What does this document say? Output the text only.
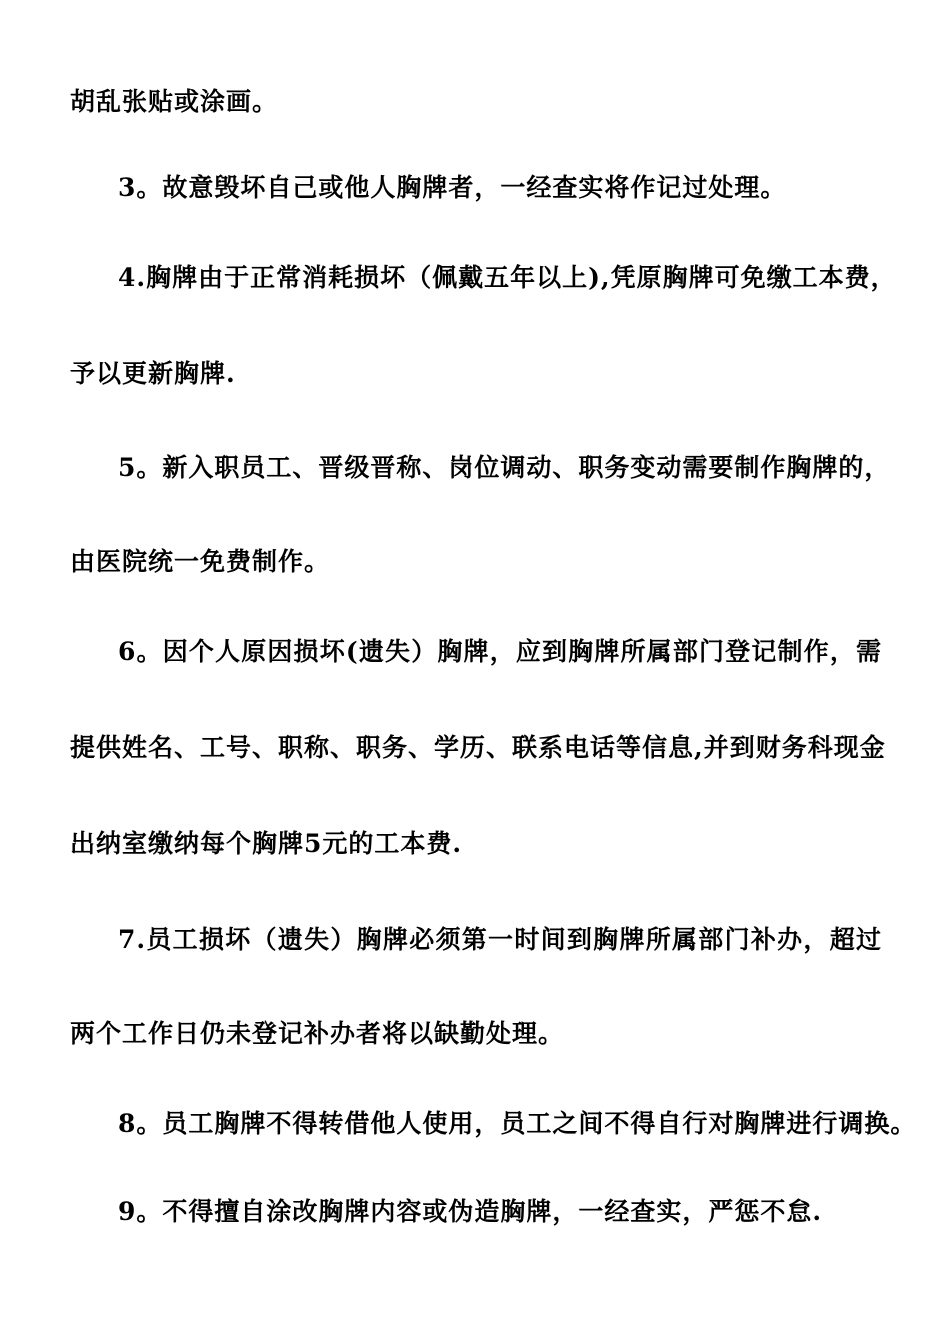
胡乱张贴或涂画。
3。故意毁坏自己或他人胸牌者，一经查实将作记过处理。
4.胸牌由于正常消耗损坏（佩戴五年以上),凭原胸牌可免缴工本费，
予以更新胸牌.
5。新入职员工、晋级晋称、岗位调动、职务变动需要制作胸牌的，
由医院统一免费制作。
6。因个人原因损坏(遗失）胸牌，应到胸牌所属部门登记制作，需
提供姓名、工号、职称、职务、学历、联系电话等信息,并到财务科现金
出纳室缴纳每个胸牌5元的工本费.
7.员工损坏（遗失）胸牌必须第一时间到胸牌所属部门补办，超过
两个工作日仍未登记补办者将以缺勤处理。
8。员工胸牌不得转借他人使用，员工之间不得自行对胸牌进行调换。
9。不得擅自涂改胸牌内容或伪造胸牌，一经查实，严惩不怠.
